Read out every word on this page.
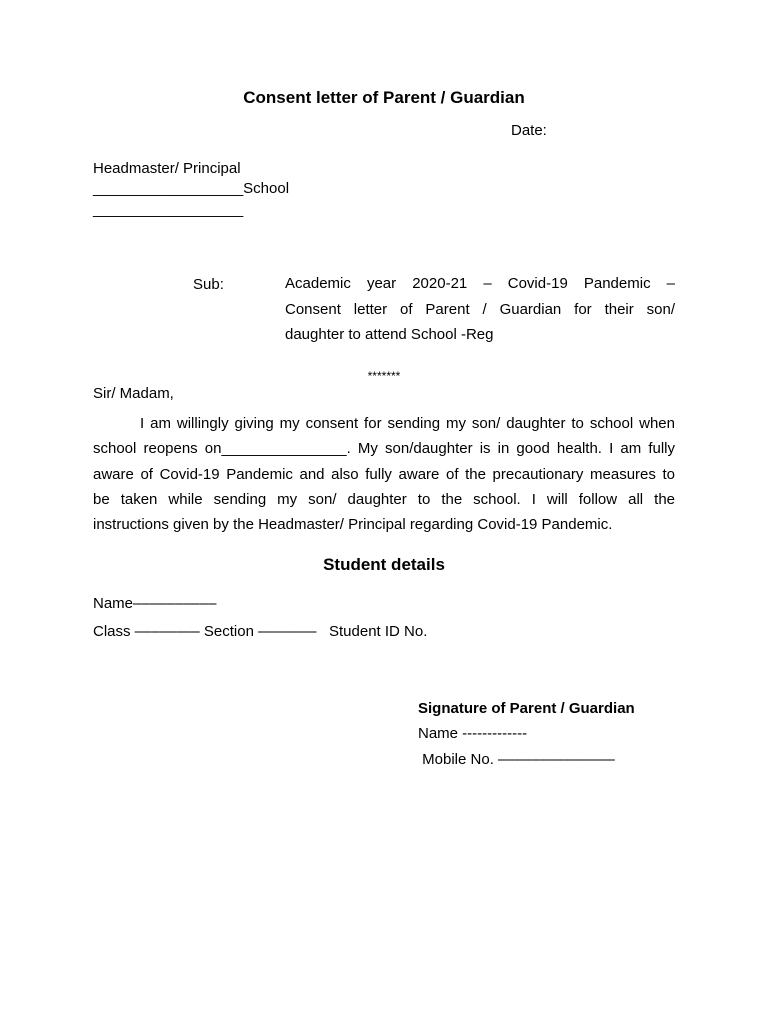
Consent letter of Parent / Guardian
Date:
Headmaster/ Principal
__________________School
__________________
Sub:	Academic year 2020-21 – Covid-19 Pandemic –
Consent letter of Parent / Guardian for their son/
daughter to attend School -Reg
*******
Sir/ Madam,
I am willingly giving my consent for sending my son/ daughter to school when
school reopens on_______________. My son/daughter is in good health. I am fully
aware of Covid-19 Pandemic and also fully aware of the precautionary measures to
be taken while sending my son/ daughter to the school. I will follow all the
instructions given by the Headmaster/ Principal regarding Covid-19 Pandemic.
Student details
Name––––––––––
Class –––––—– Section –––––––   Student ID No.
Signature of Parent / Guardian
Name -------------
Mobile No. ––––––––––––––
